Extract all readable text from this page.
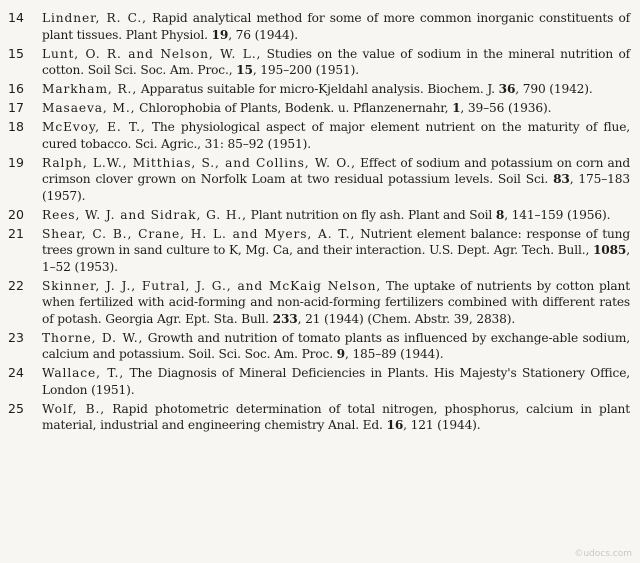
14	Lindner, R. C., Rapid analytical method for some of more common inorganic constituents of plant tissues. Plant Physiol. 19, 76 (1944).
15	Lunt, O. R. and Nelson, W. L., Studies on the value of sodium in the mineral nutrition of cotton. Soil Sci. Soc. Am. Proc., 15, 195–200 (1951).
16	Markham, R., Apparatus suitable for micro-Kjeldahl analysis. Biochem. J. 36, 790 (1942).
17	Masaeva, M., Chlorophobia of Plants, Bodenk. u. Pflanzenernahr, 1, 39–56 (1936).
18	McEvoy, E. T., The physiological aspect of major element nutrient on the maturity of flue, cured tobacco. Sci. Agric., 31: 85–92 (1951).
19	Ralph, L.W., Mitthias, S., and Collins, W. O., Effect of sodium and potassium on corn and crimson clover grown on Norfolk Loam at two residual potassium levels. Soil Sci. 83, 175–183 (1957).
20	Rees, W. J. and Sidrak, G. H., Plant nutrition on fly ash. Plant and Soil 8, 141–159 (1956).
21	Shear, C. B., Crane, H. L. and Myers, A. T., Nutrient element balance: response of tung trees grown in sand culture to K, Mg. Ca, and their interaction. U.S. Dept. Agr. Tech. Bull., 1085, 1–52 (1953).
22	Skinner, J. J., Futral, J. G., and McKaig Nelson, The uptake of nutrients by cotton plant when fertilized with acid-forming and non-acid-forming fertilizers combined with different rates of potash. Georgia Agr. Ept. Sta. Bull. 233, 21 (1944) (Chem. Abstr. 39, 2838).
23	Thorne, D. W., Growth and nutrition of tomato plants as influenced by exchange-able sodium, calcium and potassium. Soil. Sci. Soc. Am. Proc. 9, 185–89 (1944).
24	Wallace, T., The Diagnosis of Mineral Deficiencies in Plants. His Majesty's Stationery Office, London (1951).
25	Wolf, B., Rapid photometric determination of total nitrogen, phosphorus, calcium in plant material, industrial and engineering chemistry Anal. Ed. 16, 121 (1944).
©udocs.com
